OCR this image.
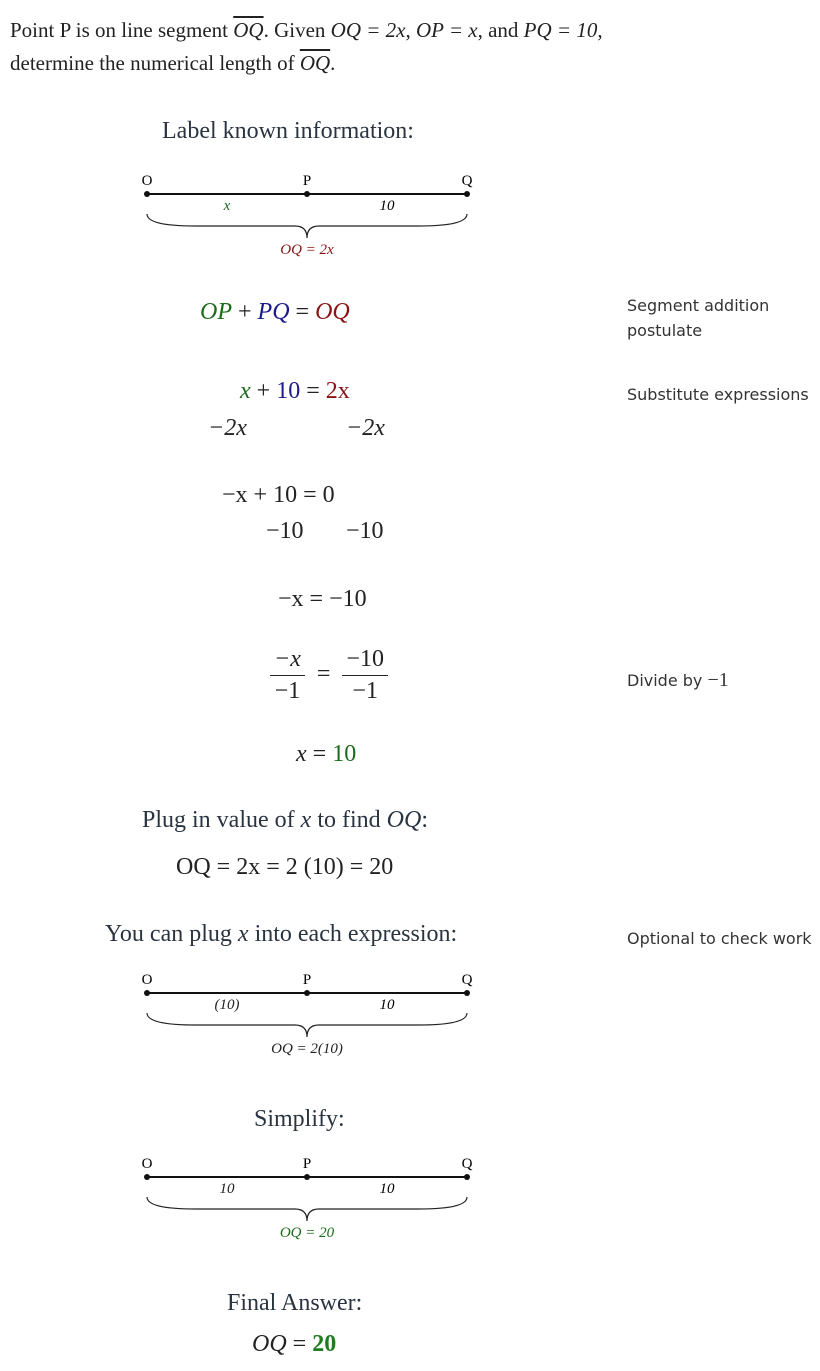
Point P is on line segment $\overline{OQ}$. Given OQ = 2x, OP = x, and PQ = 10,
determine the numerical length of $\overline{OQ}$.
Label known information:
O	P	Q
x	10
OQ = 2x
OP + PQ = OQ	Segment addition postulate
x + 10 = 2x	Substitute expressions
−2x	−2x
−x + 10 = 0
−10 −10
−x = −10
$\frac{-x}{-1} = \frac{-10}{-1}$	Divide by −1
x = 10
Plug in value of x to find OQ:
OQ = 2x = 2 (10) = 20
You can plug x into each expression:	Optional to check work
O	P	Q
(10)	10
OQ = 2(10)
Simplify:
O	P	Q
10	10
OQ = 20
Final Answer:
OQ = 20
